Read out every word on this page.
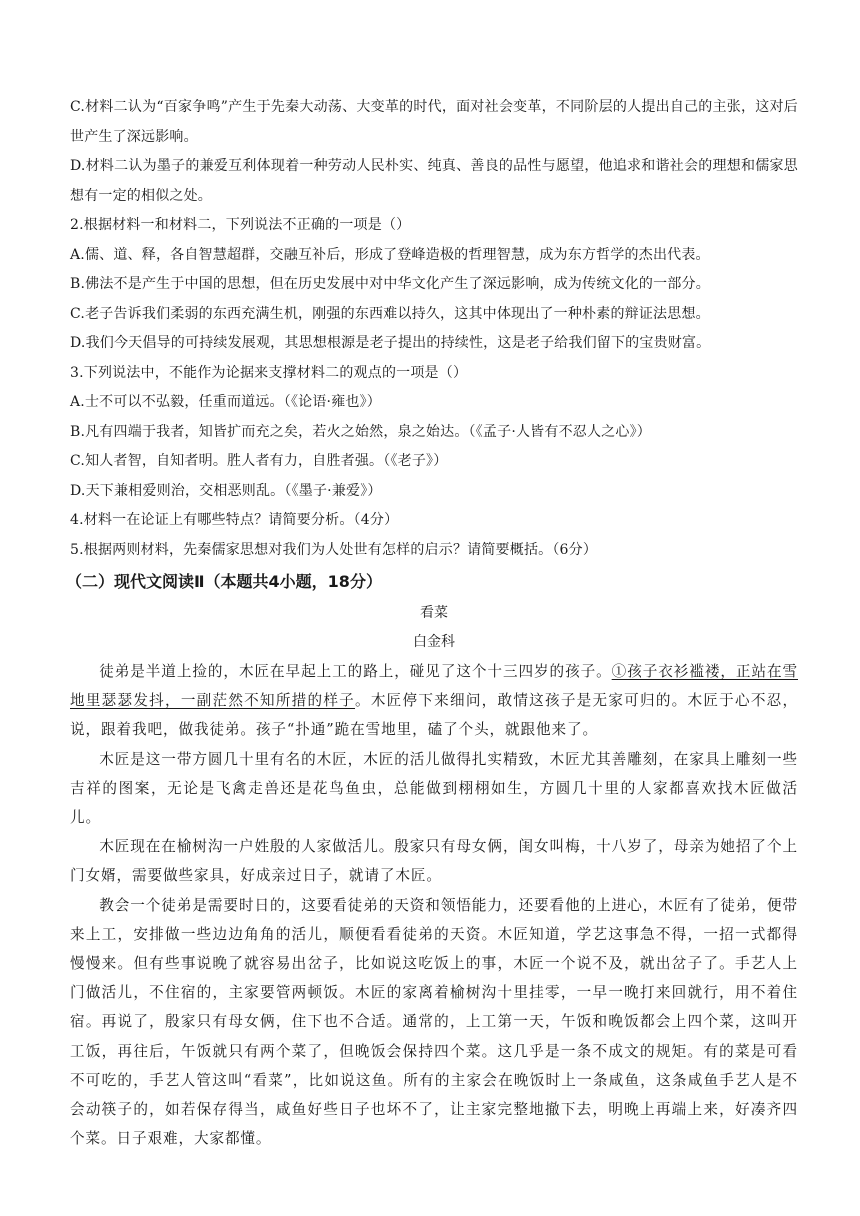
C.材料二认为“百家争鸣”产生于先秦大动荡、大变革的时代，面对社会变革，不同阶层的人提出自己的主张，这对后世产生了深远影响。

D.材料二认为墨子的兼爱互利体现着一种劳动人民朴实、纯真、善良的品性与愿望，他追求和谐社会的理想和儒家思想有一定的相似之处。

2.根据材料一和材料二，下列说法不正确的一项是（）

A.儒、道、释，各自智慧超群，交融互补后，形成了登峰造极的哲理智慧，成为东方哲学的杰出代表。

B.佛法不是产生于中国的思想，但在历史发展中对中华文化产生了深远影响，成为传统文化的一部分。

C.老子告诉我们柔弱的东西充满生机，刚强的东西难以持久，这其中体现出了一种朴素的辩证法思想。

D.我们今天倡导的可持续发展观，其思想根源是老子提出的持续性，这是老子给我们留下的宝贵财富。

3.下列说法中，不能作为论据来支撑材料二的观点的一项是（）

A.士不可以不弘毅，任重而道远。（《论语·雍也》）

B.凡有四端于我者，知皆扩而充之矣，若火之始然，泉之始达。（《孟子·人皆有不忍人之心》）

C.知人者智，自知者明。胜人者有力，自胜者强。（《老子》）

D.天下兼相爱则治，交相恶则乱。（《墨子·兼爱》）

4.材料一在论证上有哪些特点？请简要分析。（4分）

5.根据两则材料，先秦儒家思想对我们为人处世有怎样的启示？请简要概括。（6分）

（二）现代文阅读Ⅱ（本题共4小题，18分）

看菜

白金科

徒弟是半道上捡的，木匠在早起上工的路上，碰见了这个十三四岁的孩子。①孩子衣衫褴褛，正站在雪地里瑟瑟发抖，一副茫然不知所措的样子。木匠停下来细问，敢情这孩子是无家可归的。木匠于心不忍，说，跟着我吧，做我徒弟。孩子“扑通”跪在雪地里，磕了个头，就跟他来了。

木匠是这一带方圆几十里有名的木匠，木匠的活儿做得扎实精致，木匠尤其善雕刻，在家具上雕刻一些吉祥的图案，无论是飞禽走兽还是花鸟鱼虫，总能做到栩栩如生，方圆几十里的人家都喜欢找木匠做活儿。

木匠现在在榆树沟一户姓殷的人家做活儿。殷家只有母女俩，闺女叫梅，十八岁了，母亲为她招了个上门女婿，需要做些家具，好成亲过日子，就请了木匠。

教会一个徒弟是需要时日的，这要看徒弟的天资和领悟能力，还要看他的上进心，木匠有了徒弟，便带来上工，安排做一些边边角角的活儿，顺便看看徒弟的天资。木匠知道，学艺这事急不得，一招一式都得慢慢来。但有些事说晚了就容易出岔子，比如说这吃饭上的事，木匠一个说不及，就出岔子了。手艺人上门做活儿，不住宿的，主家要管两顿饭。木匠的家离着榆树沟十里挂零，一早一晚打来回就行，用不着住宿。再说了，殷家只有母女俩，住下也不合适。通常的，上工第一天，午饭和晚饭都会上四个菜，这叫开工饭，再往后，午饭就只有两个菜了，但晚饭会保持四个菜。这几乎是一条不成文的规矩。有的菜是可看不可吃的，手艺人管这叫“看菜”，比如说这鱼。所有的主家会在晚饭时上一条咸鱼，这条咸鱼手艺人是不会动筷子的，如若保存得当，咸鱼好些日子也坏不了，让主家完整地撤下去，明晚上再端上来，好凑齐四个菜。日子艰难，大家都懂。
